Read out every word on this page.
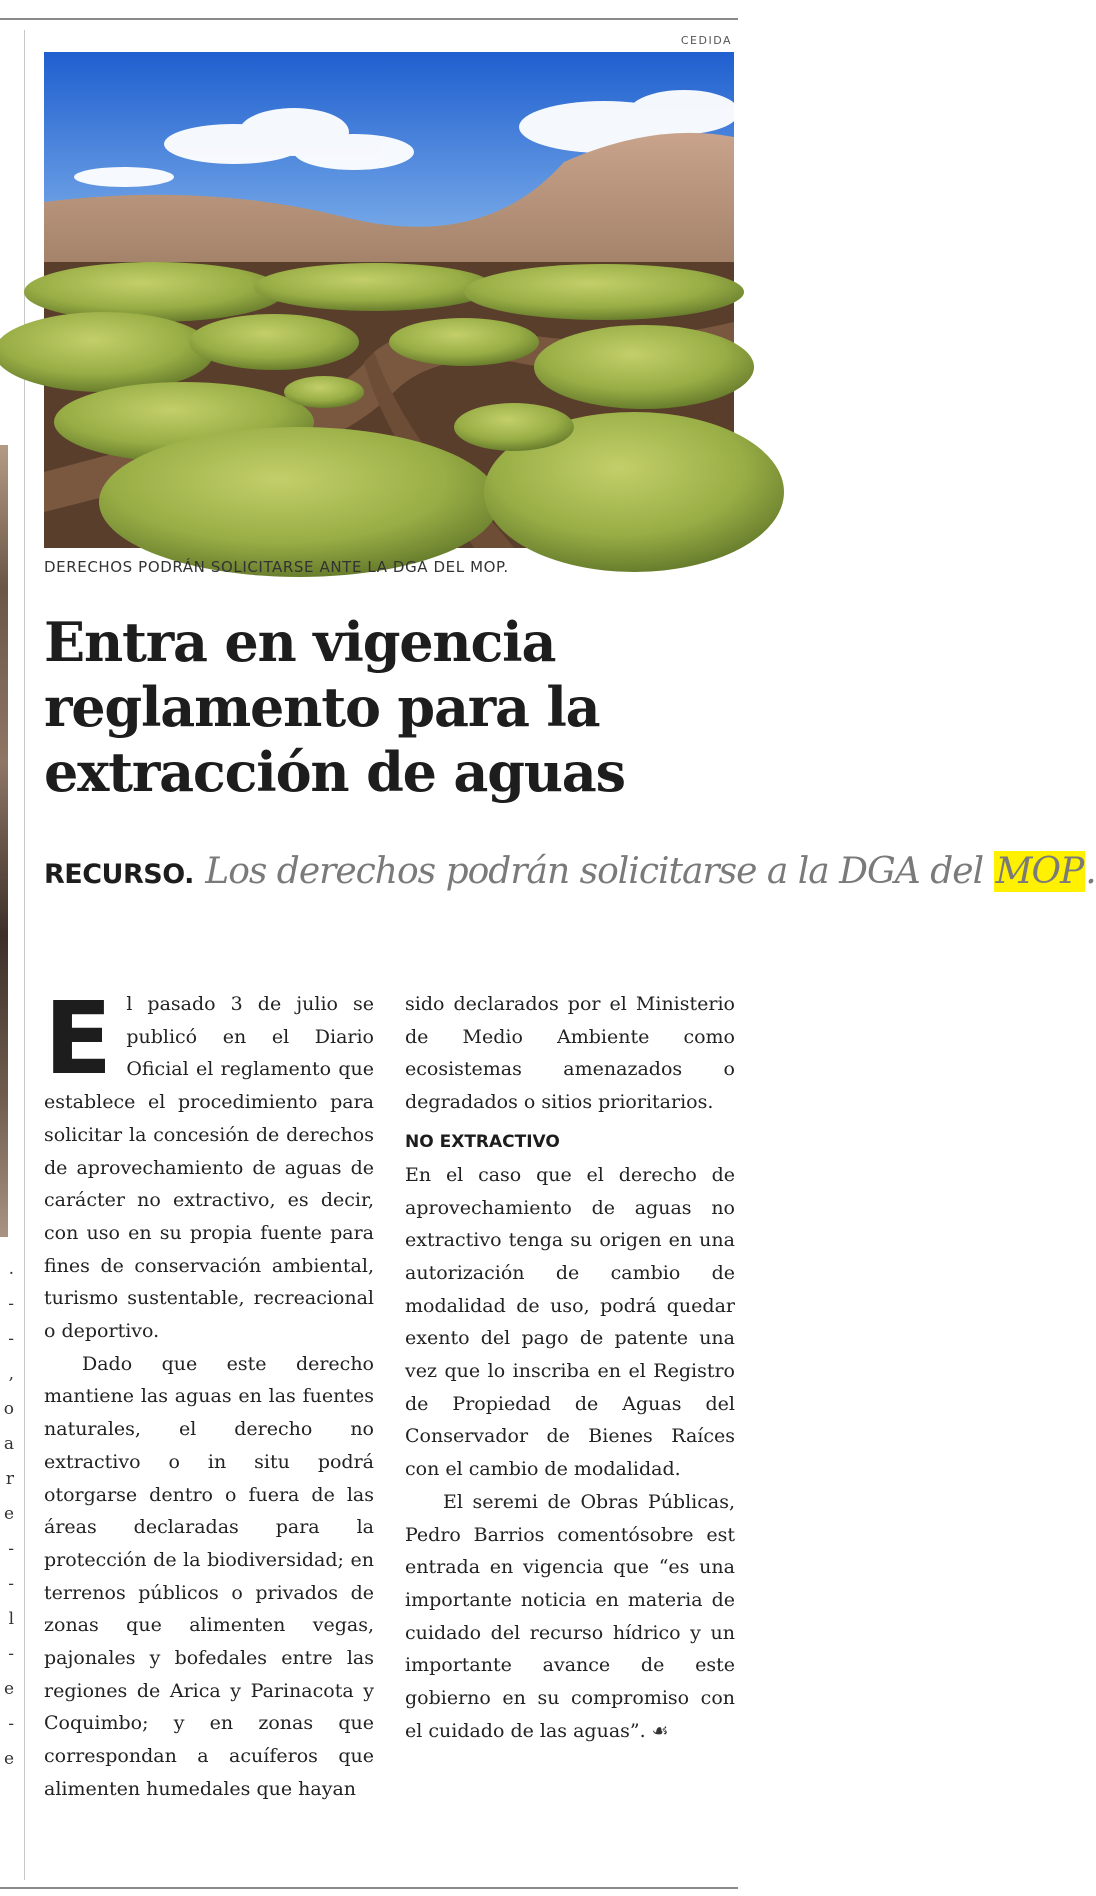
.
-
-
,
o
a
r
e
-
-
l
-
e
-
e
CEDIDA
DERECHOS PODRÁN SOLICITARSE ANTE LA DGA DEL MOP.
Entra en vigencia
reglamento para la
extracción de aguas
RECURSO. Los derechos podrán solicitarse a la DGA del MOP.

El pasado 3 de julio se publicó en el Diario Oficial el reglamento que establece el procedimiento para solicitar la concesión de derechos de aprovechamiento de aguas de carácter no extractivo, es decir, con uso en su propia fuente para fines de conservación ambiental, turismo sustentable, recreacional o deportivo.

Dado que este derecho mantiene las aguas en las fuentes naturales, el derecho no extractivo o in situ podrá otorgarse dentro o fuera de las áreas declaradas para la protección de la biodiversidad; en terrenos públicos o privados de zonas que alimenten vegas, pajonales y bofedales entre las regiones de Arica y Parinacota y Coquimbo; y en zonas que correspondan a acuíferos que alimenten humedales que hayan

sido declarados por el Ministerio de Medio Ambiente como ecosistemas amenazados o degradados o sitios prioritarios.

NO EXTRACTIVO

En el caso que el derecho de aprovechamiento de aguas no extractivo tenga su origen en una autorización de cambio de modalidad de uso, podrá quedar exento del pago de patente una vez que lo inscriba en el Registro de Propiedad de Aguas del Conservador de Bienes Raíces con el cambio de modalidad.

El seremi de Obras Públicas, Pedro Barrios comentósobre est entrada en vigencia que “es una importante noticia en materia de cuidado del recurso hídrico y un importante avance de este gobierno en su compromiso con el cuidado de las aguas”. ☙
